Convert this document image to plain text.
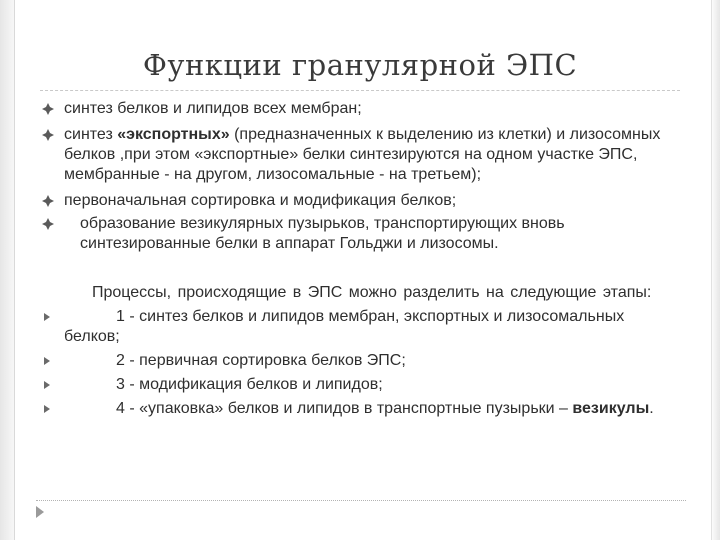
Функции гранулярной ЭПС
синтез белков и липидов всех мембран;
синтез «экспортных» (предназначенных к выделению из клетки) и лизосомных белков ,при этом «экспортные» белки синтезируются на одном участке ЭПС, мембранные - на другом, лизосомальные - на третьем);
первоначальная сортировка и модификация белков;
образование везикулярных пузырьков, транспортирующих вновь синтезированные белки в аппарат Гольджи и лизосомы.
Процессы, происходящие в ЭПС можно разделить на следующие этапы:
1 - синтез белков и липидов мембран, экспортных и лизосомальных белков;
2 - первичная сортировка белков ЭПС;
3 - модификация белков и липидов;
4 - «упаковка» белков и липидов в транспортные пузырьки – везикулы.
